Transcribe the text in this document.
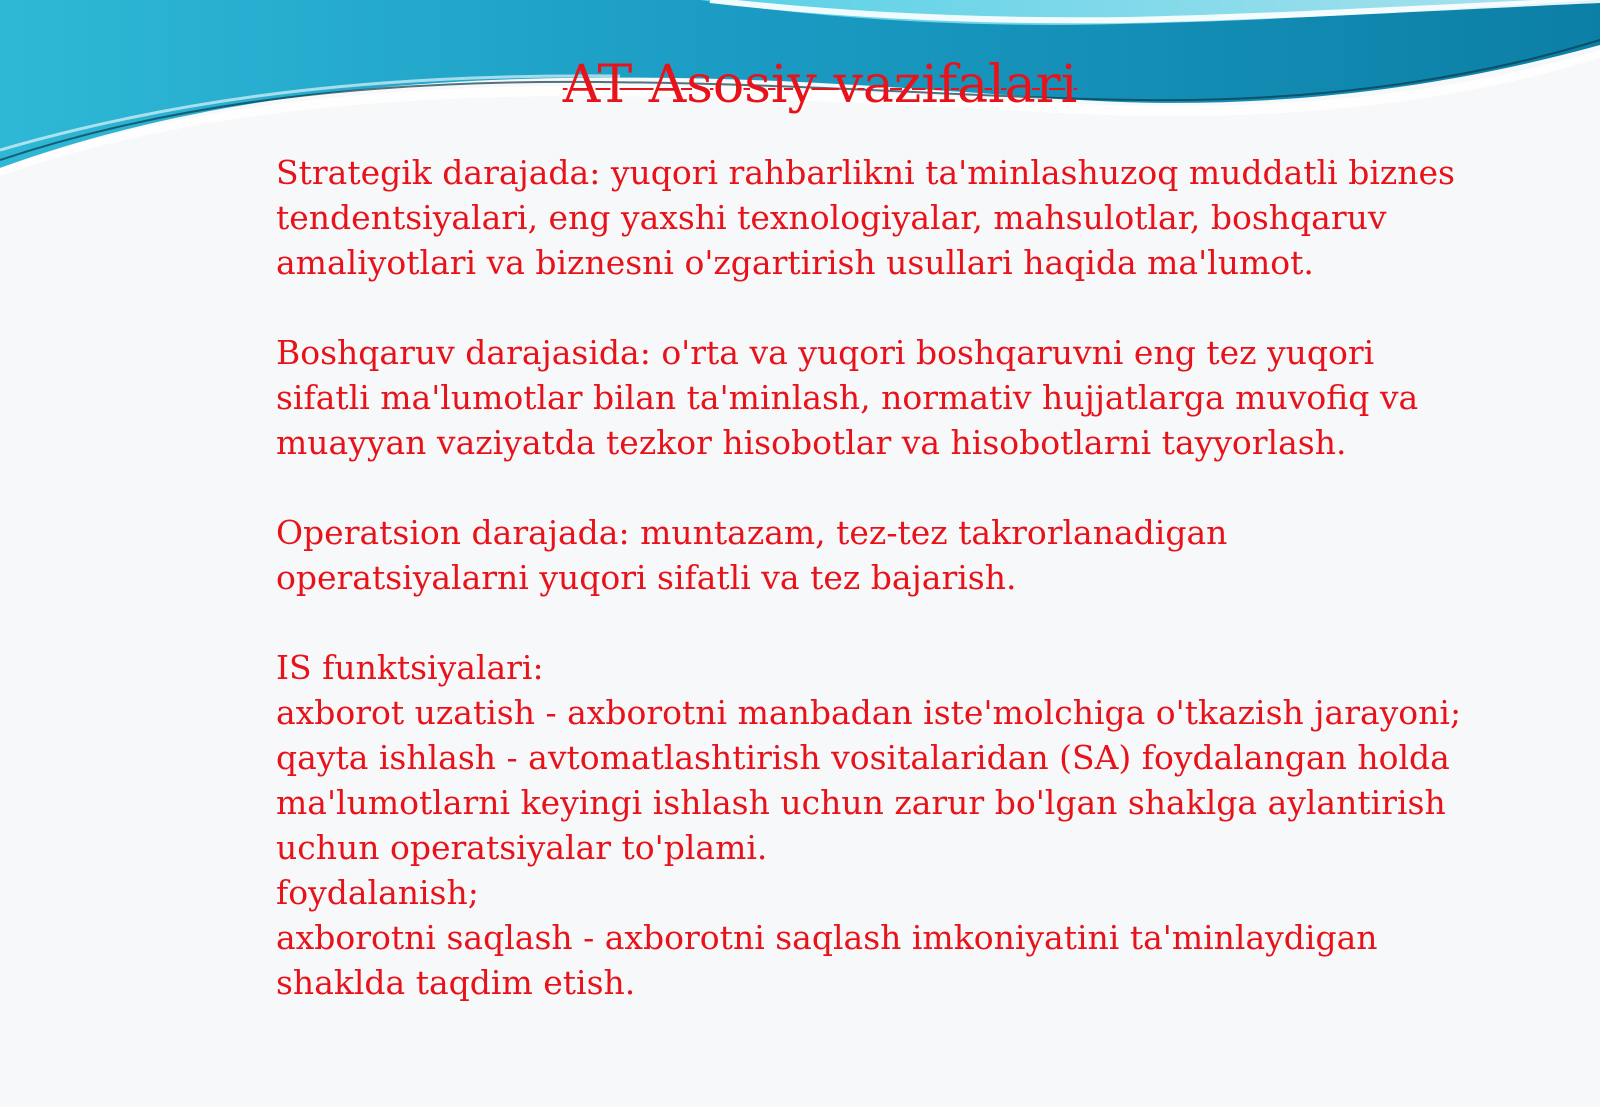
AT Asosiy vazifalari
Strategik darajada: yuqori rahbarlikni ta'minlashuzoq muddatli biznes
tendentsiyalari, eng yaxshi texnologiyalar, mahsulotlar, boshqaruv
amaliyotlari va biznesni o'zgartirish usullari haqida ma'lumot.
Boshqaruv darajasida: o'rta va yuqori boshqaruvni eng tez yuqori
sifatli ma'lumotlar bilan ta'minlash, normativ hujjatlarga muvofiq va
muayyan vaziyatda tezkor hisobotlar va hisobotlarni tayyorlash.
Operatsion darajada: muntazam, tez-tez takrorlanadigan
operatsiyalarni yuqori sifatli va tez bajarish.
IS funktsiyalari:
axborot uzatish - axborotni manbadan iste'molchiga o'tkazish jarayoni;
qayta ishlash - avtomatlashtirish vositalaridan (SA) foydalangan holda
ma'lumotlarni keyingi ishlash uchun zarur bo'lgan shaklga aylantirish
uchun operatsiyalar to'plami.
foydalanish;
axborotni saqlash - axborotni saqlash imkoniyatini ta'minlaydigan
shaklda taqdim etish.
